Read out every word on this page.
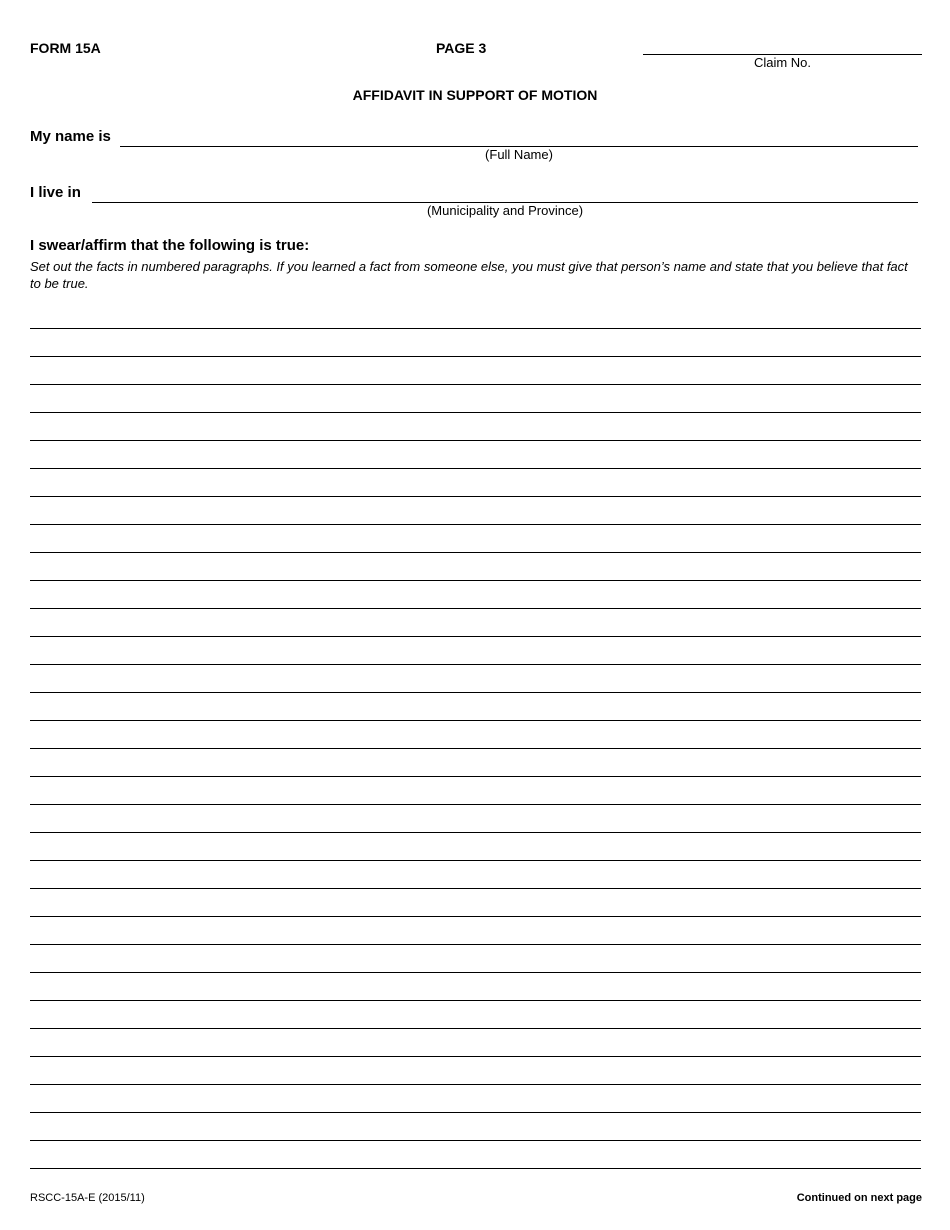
FORM 15A	PAGE 3
Claim No.
AFFIDAVIT IN SUPPORT OF MOTION
My name is
(Full Name)
I live in
(Municipality and Province)
I swear/affirm that the following is true:
Set out the facts in numbered paragraphs. If you learned a fact from someone else, you must give that person’s name and state that you believe that fact to be true.
RSCC-15A-E (2015/11)	Continued on next page
